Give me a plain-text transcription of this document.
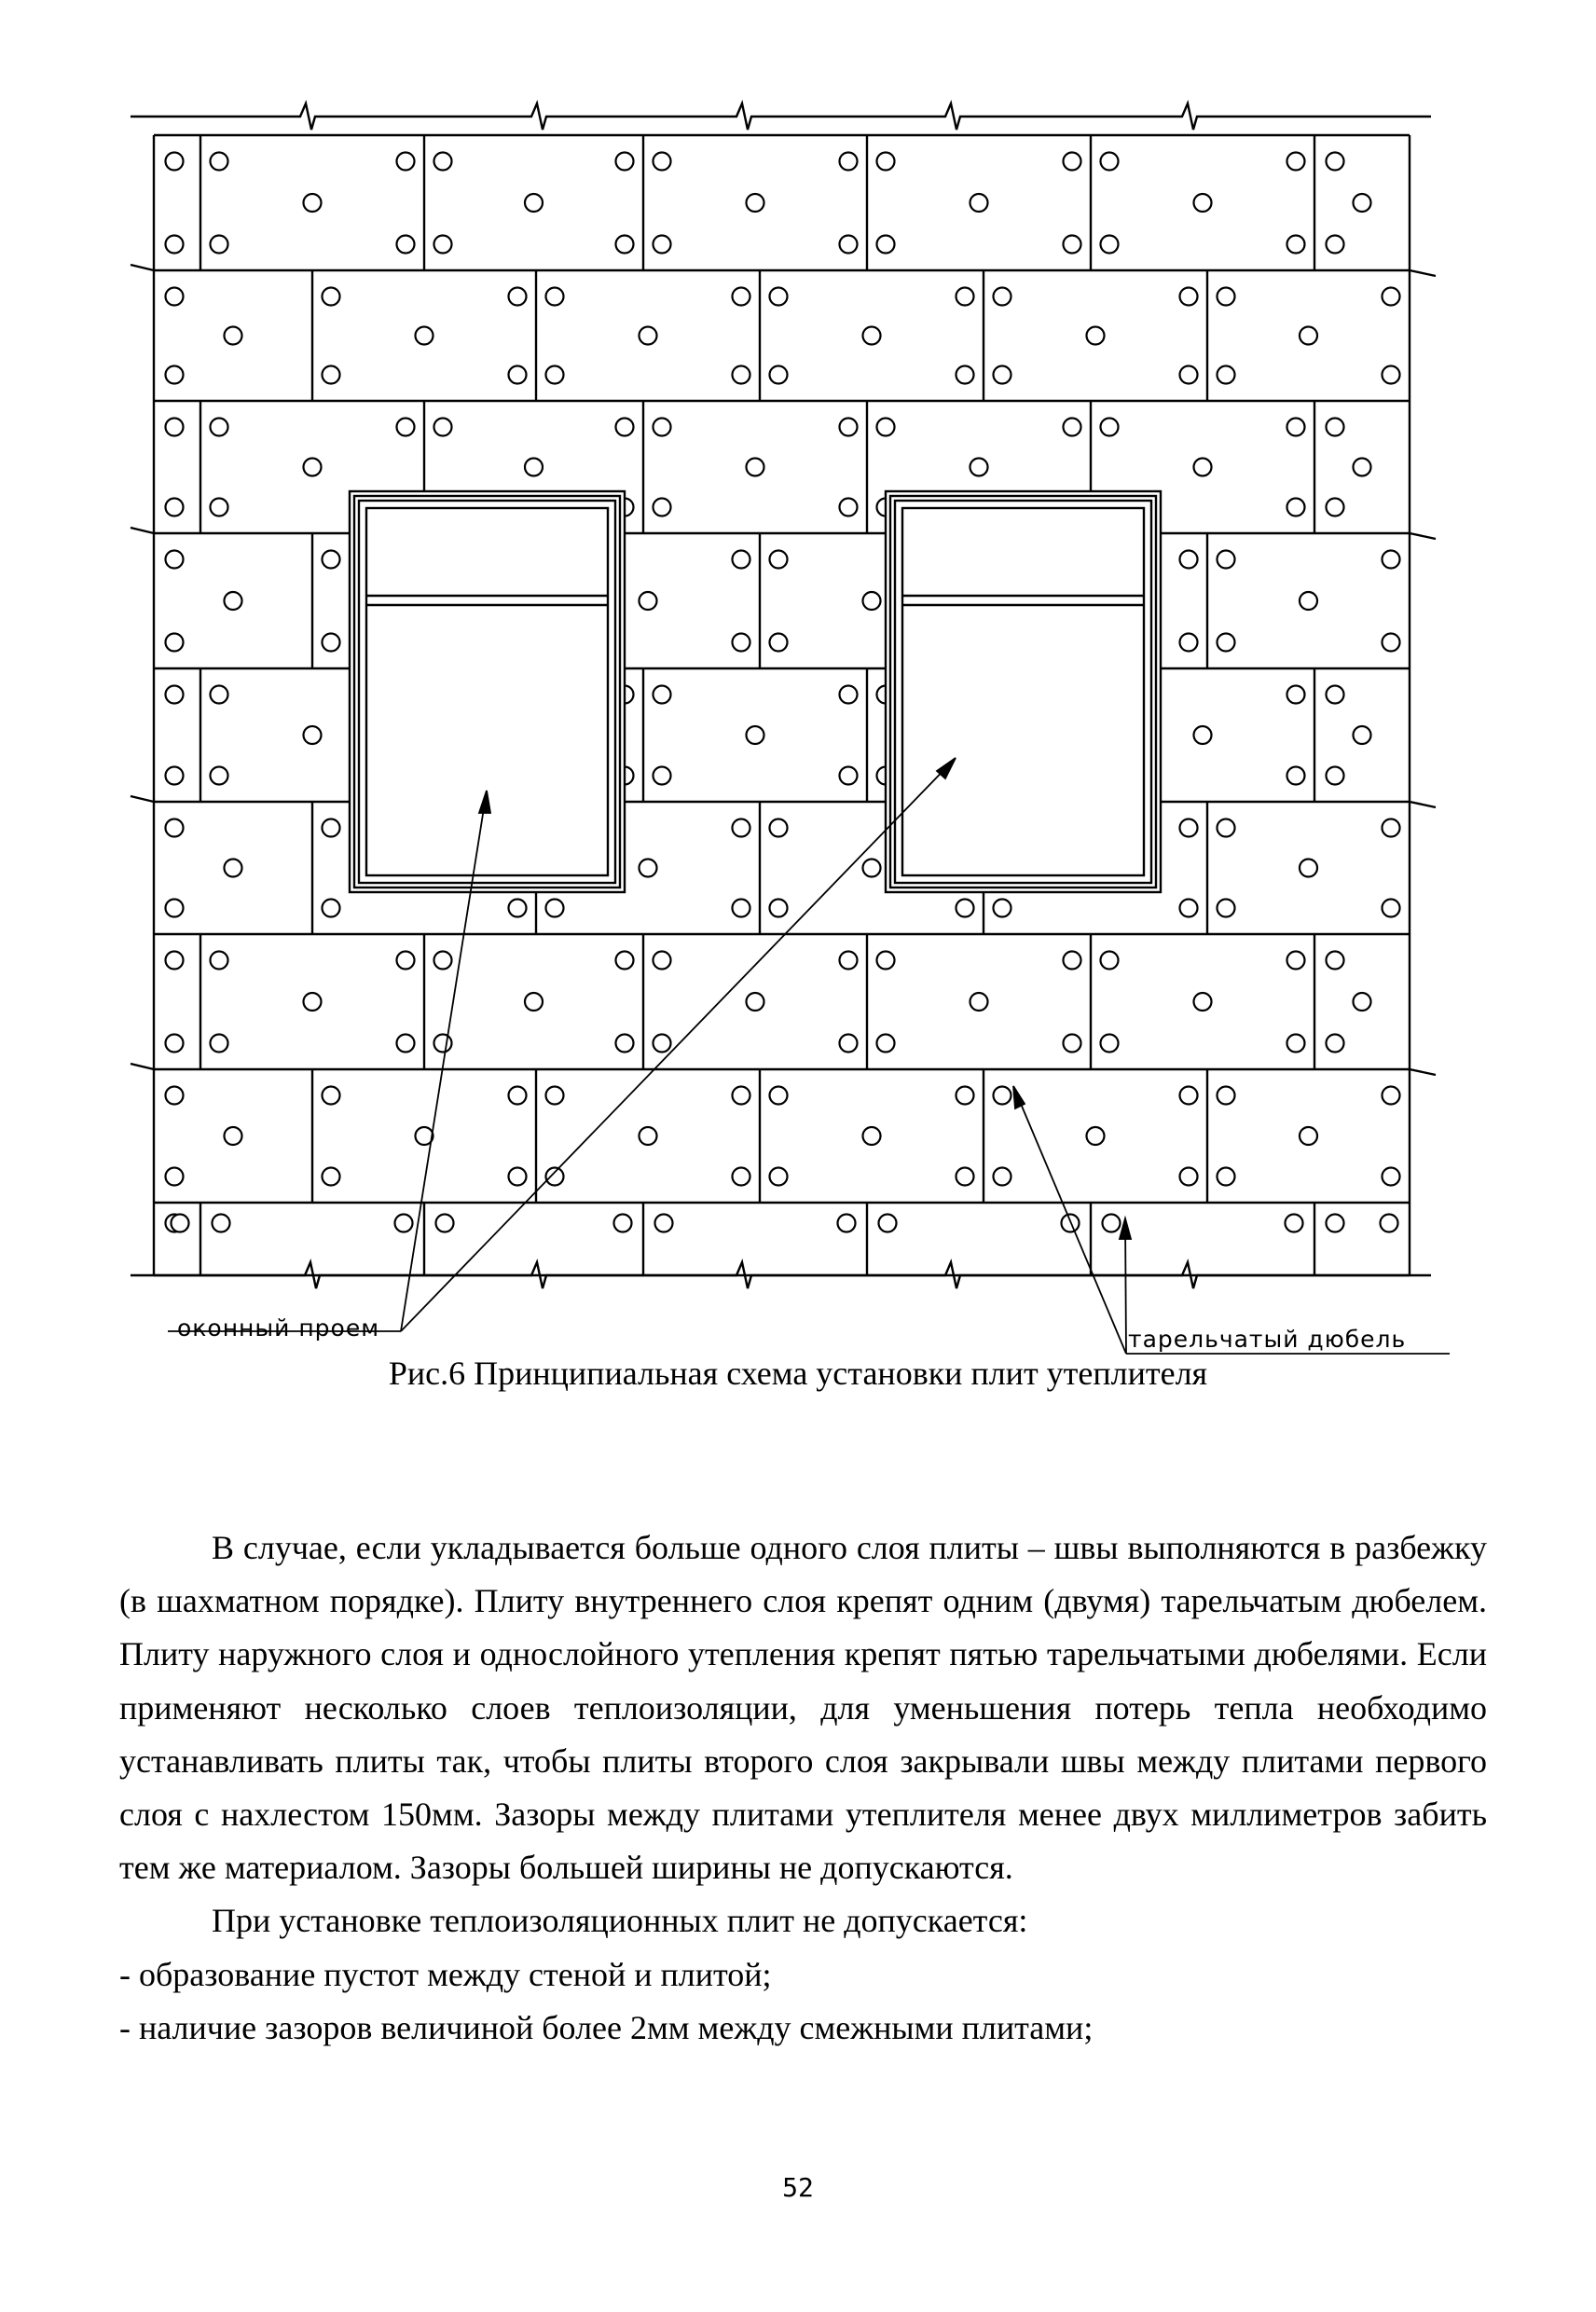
оконный проем	тарельчатый дюбель
Рис.6 Принципиальная схема установки плит утеплителя

В случае, если укладывается больше одного слоя плиты – швы выполняются в разбежку (в шахматном порядке). Плиту внутреннего слоя крепят одним (двумя) тарельчатым дюбелем. Плиту наружного слоя и однослойного утепления крепят пятью тарельчатыми дюбелями. Если применяют несколько слоев теплоизоляции, для уменьшения потерь тепла необходимо устанавливать плиты так, чтобы плиты второго слоя закрывали швы между плитами первого слоя с нахлестом 150мм. Зазоры между плитами утеплителя менее двух миллиметров забить тем же материалом. Зазоры большей ширины не допускаются.

При установке теплоизоляционных плит не допускается:

- образование пустот между стеной и плитой;

- наличие зазоров величиной более 2мм между смежными плитами;

52
